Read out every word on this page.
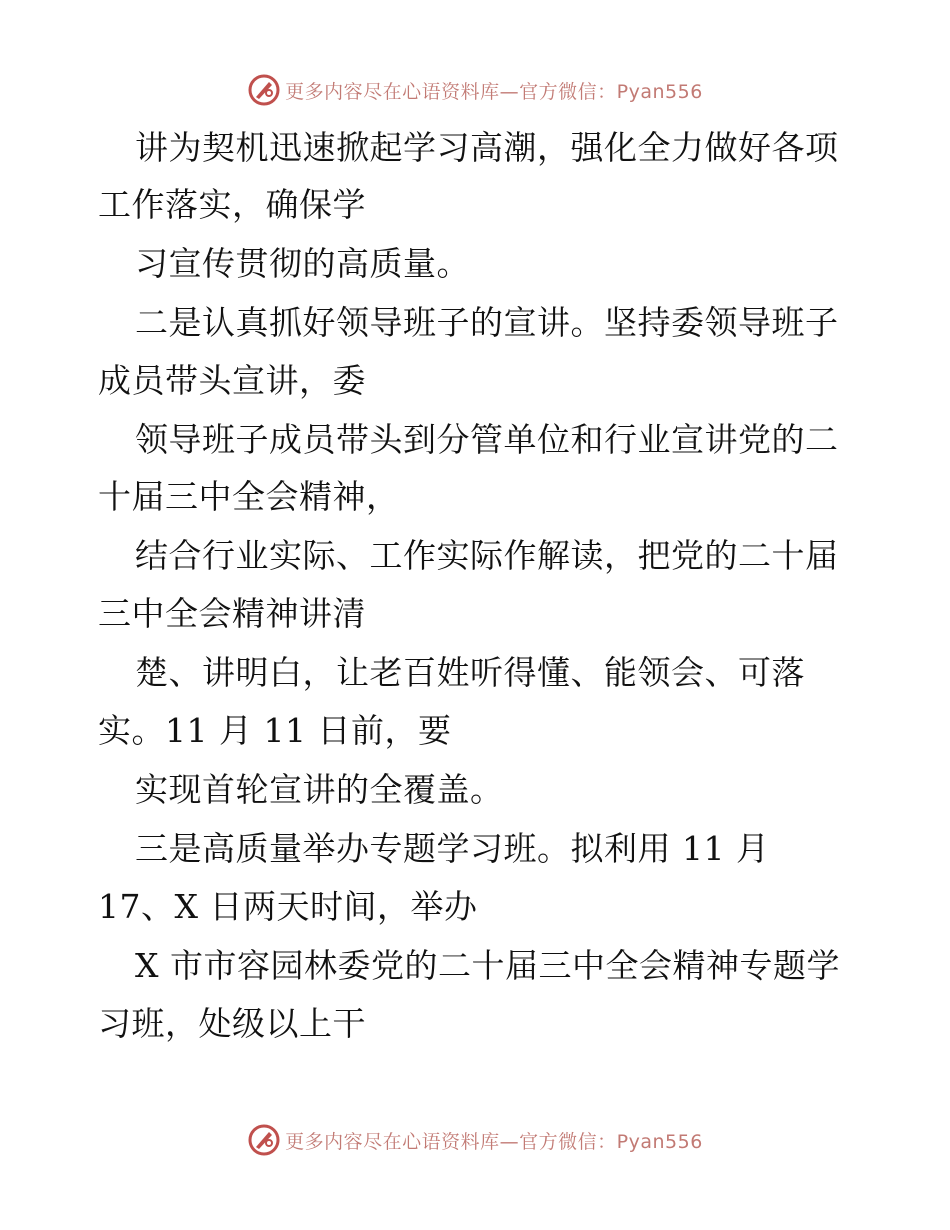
更多内容尽在心语资料库—官方微信：Pyan556
讲为契机迅速掀起学习高潮，强化全力做好各项
工作落实，确保学
习宣传贯彻的高质量。
二是认真抓好领导班子的宣讲。坚持委领导班子
成员带头宣讲，委
领导班子成员带头到分管单位和行业宣讲党的二
十届三中全会精神，
结合行业实际、工作实际作解读，把党的二十届
三中全会精神讲清
楚、讲明白，让老百姓听得懂、能领会、可落
实。11 月 11 日前，要
实现首轮宣讲的全覆盖。
三是高质量举办专题学习班。拟利用 11 月
17、X 日两天时间，举办
X 市市容园林委党的二十届三中全会精神专题学
习班，处级以上干
更多内容尽在心语资料库—官方微信：Pyan556
